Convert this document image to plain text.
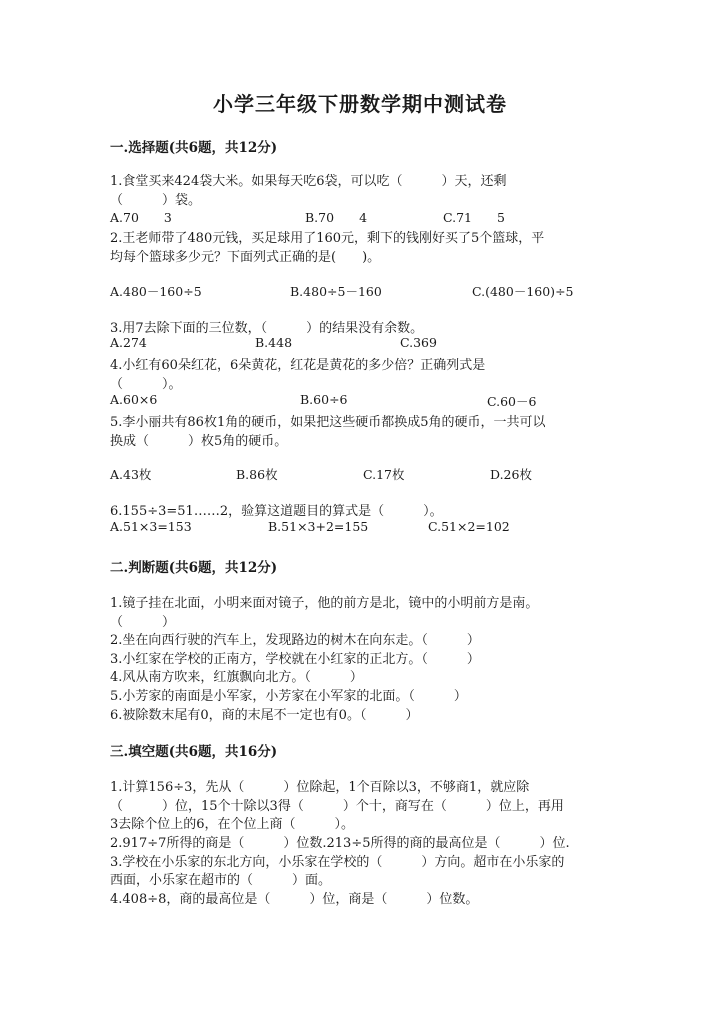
小学三年级下册数学期中测试卷
一.选择题(共6题，共12分)
1.食堂买来424袋大米。如果每天吃6袋，可以吃（　　　）天，还剩
（　　　）袋。
A.70　　3	B.70　　4	C.71　　5
2.王老师带了480元钱，买足球用了160元，剩下的钱刚好买了5个篮球，平
均每个篮球多少元？下面列式正确的是(　　)。
A.480－160÷5	B.480÷5－160	C.(480－160)÷5
3.用7去除下面的三位数，（　　　）的结果没有余数。
A.274	B.448	C.369
4.小红有60朵红花，6朵黄花，红花是黄花的多少倍？正确列式是
（　　　）。
A.60×6	B.60÷6	C.60－6
5.李小丽共有86枚1角的硬币，如果把这些硬币都换成5角的硬币，一共可以
换成（　　　）枚5角的硬币。
A.43枚	B.86枚	C.17枚	D.26枚
6.155÷3=51……2，验算这道题目的算式是（　　　）。
A.51×3=153	B.51×3+2=155	C.51×2=102
二.判断题(共6题，共12分)
1.镜子挂在北面，小明来面对镜子，他的前方是北，镜中的小明前方是南。
（　　　）
2.坐在向西行驶的汽车上，发现路边的树木在向东走。（　　　）
3.小红家在学校的正南方，学校就在小红家的正北方。（　　　）
4.风从南方吹来，红旗飘向北方。（　　　）
5.小芳家的南面是小军家，小芳家在小军家的北面。（　　　）
6.被除数末尾有0，商的末尾不一定也有0。（　　　）
三.填空题(共6题，共16分)
1.计算156÷3，先从（　　　）位除起，1个百除以3，不够商1，就应除
（　　　）位，15个十除以3得（　　　）个十，商写在（　　　）位上，再用
3去除个位上的6，在个位上商（　　　）。
2.917÷7所得的商是（　　　）位数.213÷5所得的商的最高位是（　　　）位.
3.学校在小乐家的东北方向，小乐家在学校的（　　　）方向。超市在小乐家的
西面，小乐家在超市的（　　　）面。
4.408÷8，商的最高位是（　　　）位，商是（　　　）位数。
